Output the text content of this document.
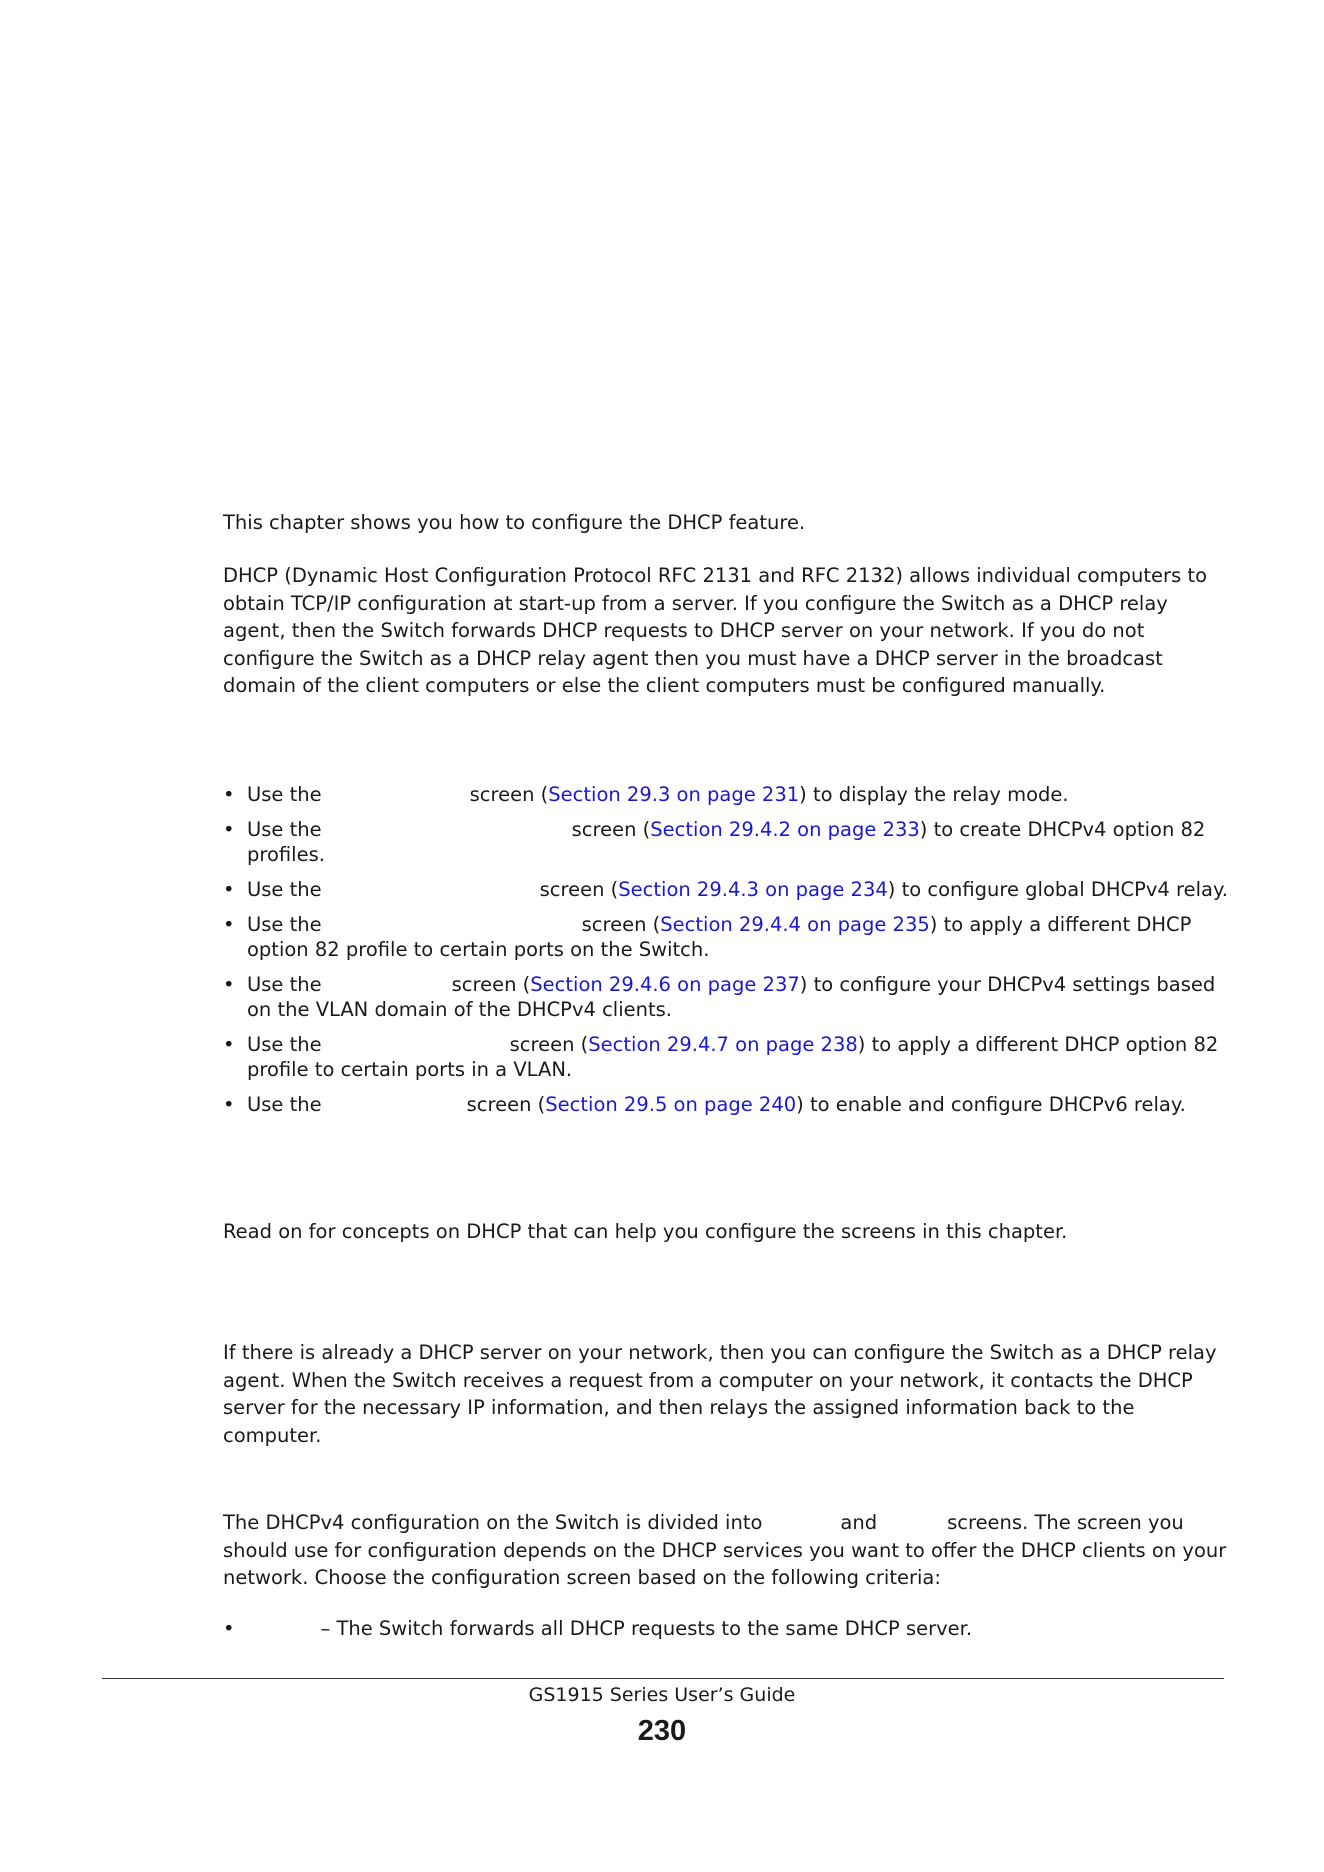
This chapter shows you how to configure the DHCP feature.

DHCP (Dynamic Host Configuration Protocol RFC 2131 and RFC 2132) allows individual computers to obtain TCP/IP configuration at start-up from a server. If you configure the Switch as a DHCP relay agent, then the Switch forwards DHCP requests to DHCP server on your network. If you do not configure the Switch as a DHCP relay agent then you must have a DHCP server in the broadcast domain of the client computers or else the client computers must be configured manually.

• Use the	screen (Section 29.3 on page 231) to display the relay mode.
• Use the	screen (Section 29.4.2 on page 233) to create DHCPv4 option 82 profiles.
• Use the	screen (Section 29.4.3 on page 234) to configure global DHCPv4 relay.
• Use the	screen (Section 29.4.4 on page 235) to apply a different DHCP option 82 profile to certain ports on the Switch.
• Use the	screen (Section 29.4.6 on page 237) to configure your DHCPv4 settings based on the VLAN domain of the DHCPv4 clients.
• Use the	screen (Section 29.4.7 on page 238) to apply a different DHCP option 82 profile to certain ports in a VLAN.
• Use the	screen (Section 29.5 on page 240) to enable and configure DHCPv6 relay.

Read on for concepts on DHCP that can help you configure the screens in this chapter.

If there is already a DHCP server on your network, then you can configure the Switch as a DHCP relay agent. When the Switch receives a request from a computer on your network, it contacts the DHCP server for the necessary IP information, and then relays the assigned information back to the computer.

The DHCPv4 configuration on the Switch is divided into	and	screens. The screen you should use for configuration depends on the DHCP services you want to offer the DHCP clients on your network. Choose the configuration screen based on the following criteria:

•	– The Switch forwards all DHCP requests to the same DHCP server.
GS1915 Series User’s Guide
230
